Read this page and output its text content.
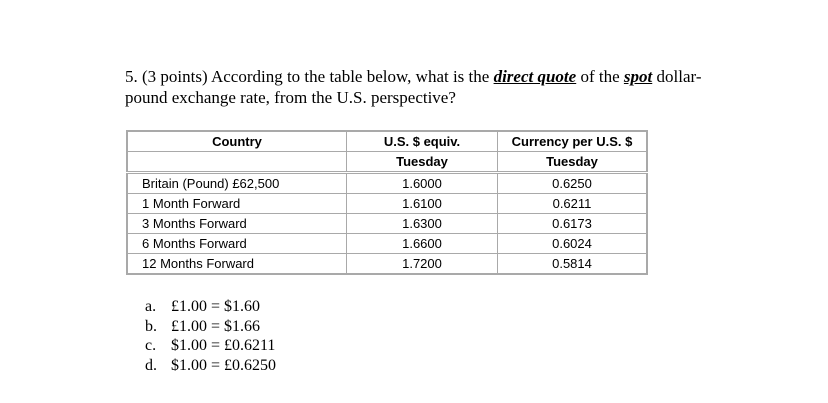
5. (3 points) According to the table below, what is the direct quote of the spot dollar-pound exchange rate, from the U.S. perspective?
Country	U.S. $ equiv.	Currency per U.S. $
	Tuesday	Tuesday
Britain (Pound) £62,500	1.6000	0.6250
1 Month Forward	1.6100	0.6211
3 Months Forward	1.6300	0.6173
6 Months Forward	1.6600	0.6024
12 Months Forward	1.7200	0.5814
a. £1.00 = $1.60
b. £1.00 = $1.66
c. $1.00 = £0.6211
d. $1.00 = £0.6250
